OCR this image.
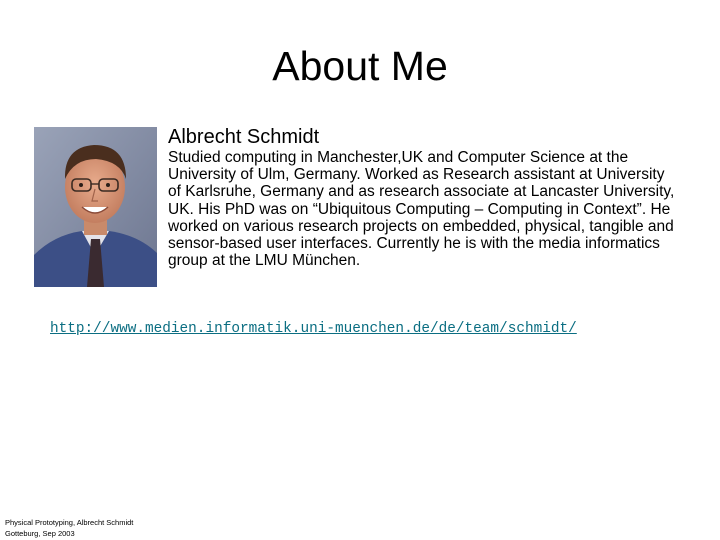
About Me
Albrecht Schmidt

Studied computing in Manchester,UK and Computer Science at the University of Ulm, Germany. Worked as Research assistant at University of Karlsruhe, Germany and as research associate at Lancaster University, UK. His PhD was on “Ubiquitous Computing – Computing in Context”. He worked on various research projects on embedded, physical, tangible and sensor-based user interfaces. Currently he is with the media informatics group at the LMU München.

http://www.medien.informatik.uni-muenchen.de/de/team/schmidt/
Physical Prototyping, Albrecht Schmidt
Gotteburg, Sep 2003
